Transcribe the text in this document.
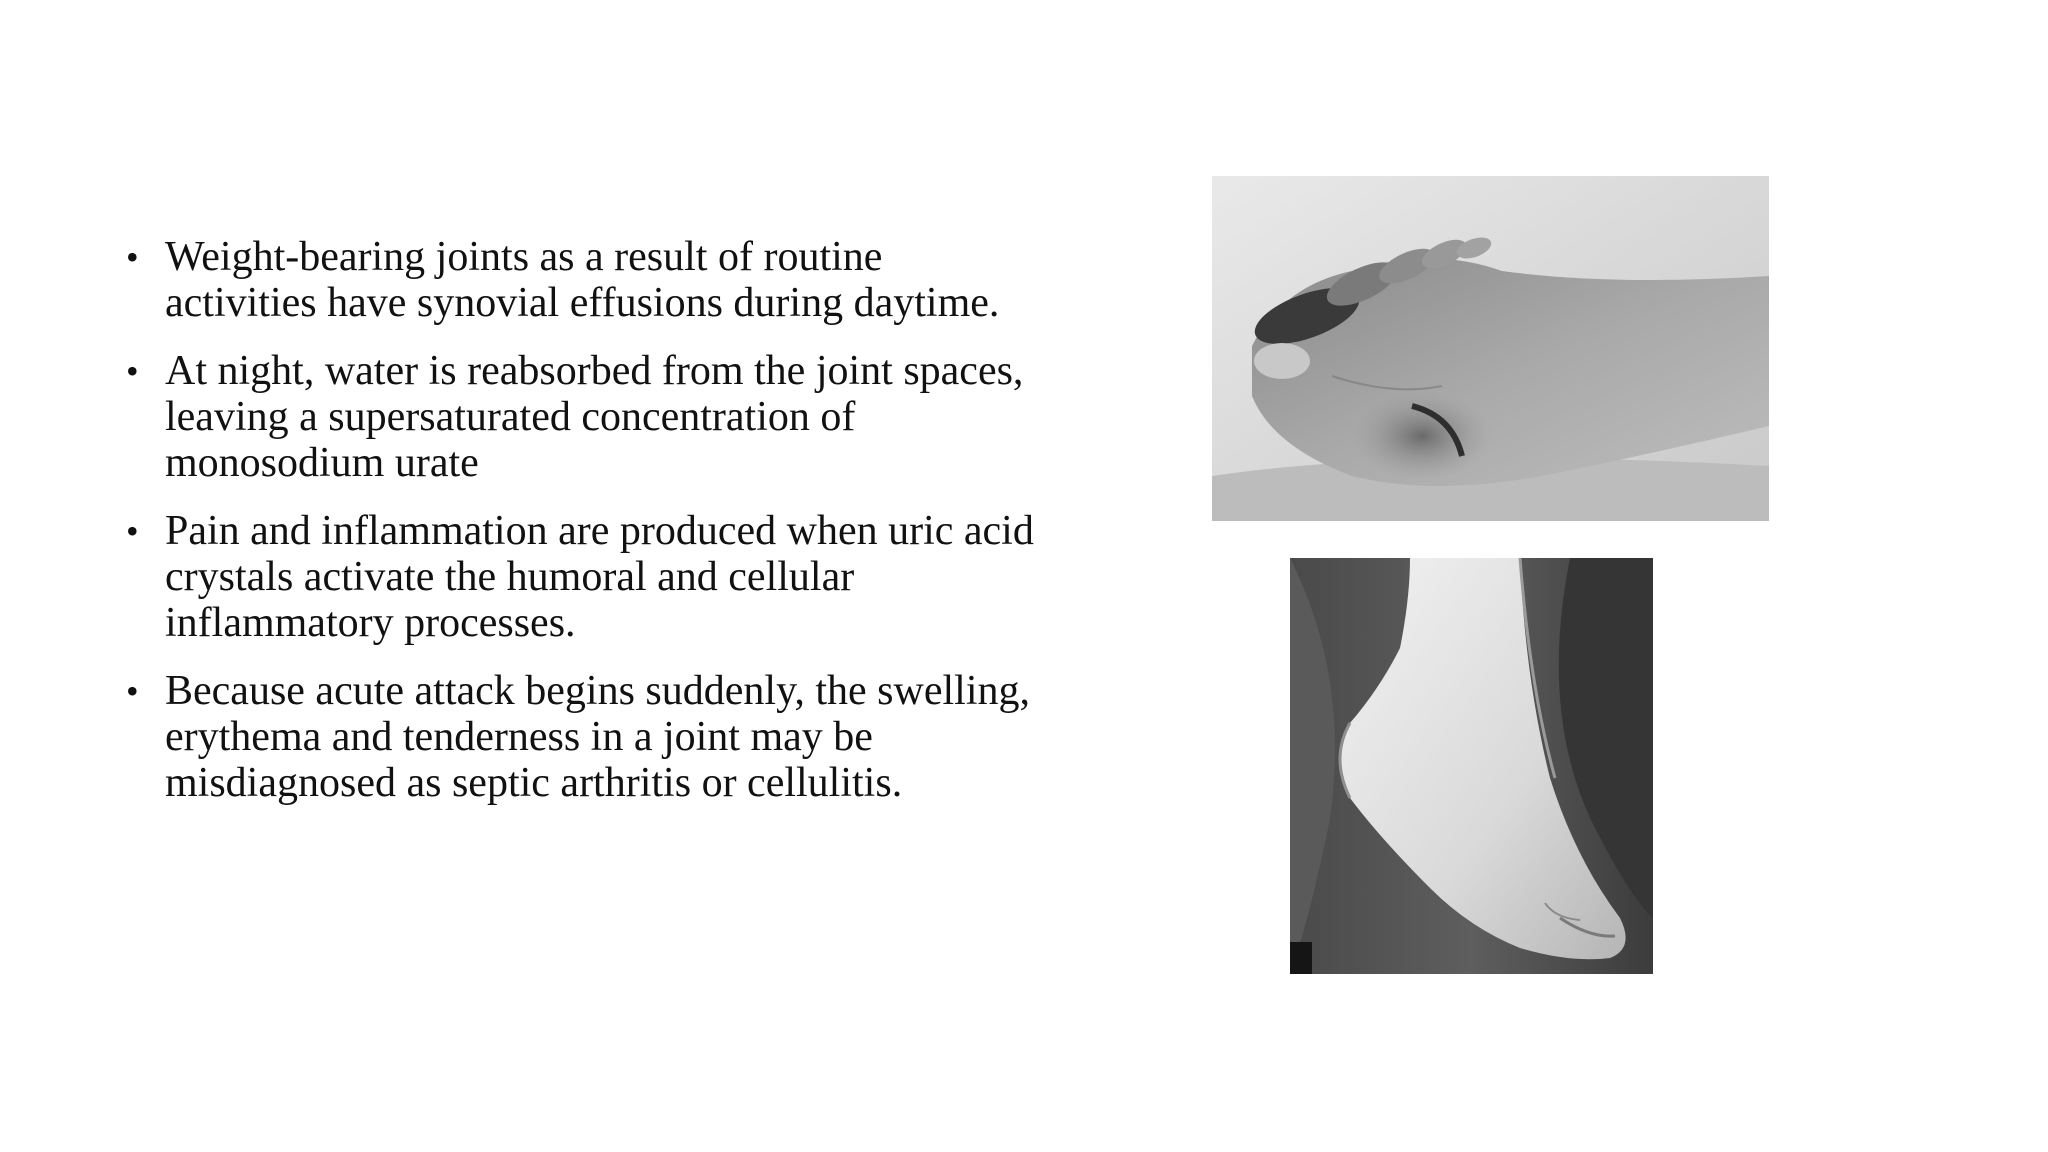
• Weight-bearing joints as a result of routine activities have synovial effusions during daytime.
• At night, water is reabsorbed from the joint spaces, leaving a supersaturated concentration of monosodium urate
• Pain and inflammation are produced when uric acid crystals activate the humoral and cellular inflammatory processes.
• Because acute attack begins suddenly, the swelling, erythema and tenderness in a joint may be misdiagnosed as septic arthritis or cellulitis.
